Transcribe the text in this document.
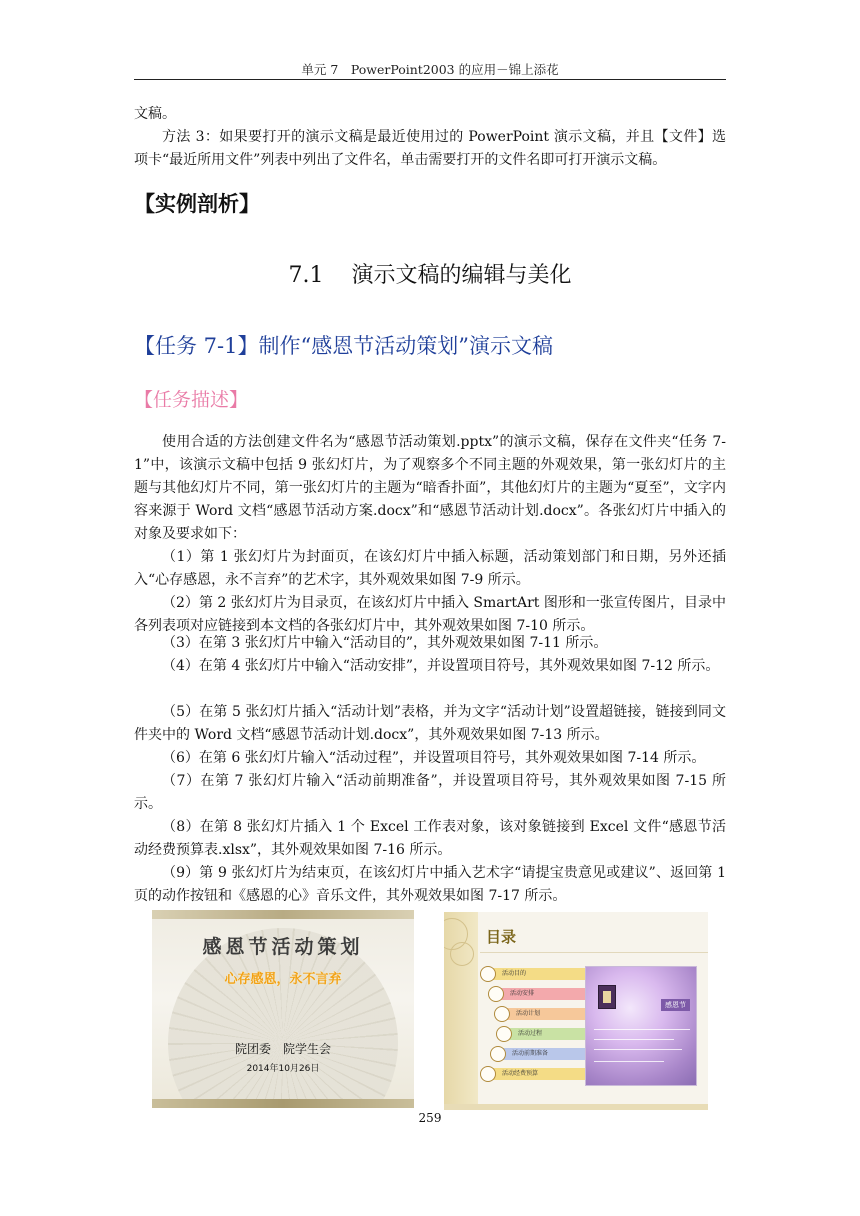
单元 7　PowerPoint2003 的应用－锦上添花

文稿。

方法 3：如果要打开的演示文稿是最近使用过的 PowerPoint 演示文稿，并且【文件】选项卡“最近所用文件”列表中列出了文件名，单击需要打开的文件名即可打开演示文稿。

【实例剖析】
7.1 演示文稿的编辑与美化
【任务 7-1】制作“感恩节活动策划”演示文稿
【任务描述】

使用合适的方法创建文件名为“感恩节活动策划.pptx”的演示文稿，保存在文件夹“任务 7-1”中，该演示文稿中包括 9 张幻灯片，为了观察多个不同主题的外观效果，第一张幻灯片的主题与其他幻灯片不同，第一张幻灯片的主题为“暗香扑面”，其他幻灯片的主题为“夏至”，文字内容来源于 Word 文档“感恩节活动方案.docx”和“感恩节活动计划.docx”。各张幻灯片中插入的对象及要求如下：

（1）第 1 张幻灯片为封面页，在该幻灯片中插入标题，活动策划部门和日期，另外还插入“心存感恩，永不言弃”的艺术字，其外观效果如图 7-9 所示。

（2）第 2 张幻灯片为目录页，在该幻灯片中插入 SmartArt 图形和一张宣传图片，目录中各列表项对应链接到本文档的各张幻灯片中，其外观效果如图 7-10 所示。

（3）在第 3 张幻灯片中输入“活动目的”，其外观效果如图 7-11 所示。

（4）在第 4 张幻灯片中输入“活动安排”，并设置项目符号，其外观效果如图 7-12 所示。

（5）在第 5 张幻灯片插入“活动计划”表格，并为文字“活动计划”设置超链接，链接到同文件夹中的 Word 文档“感恩节活动计划.docx”，其外观效果如图 7-13 所示。

（6）在第 6 张幻灯片输入“活动过程”，并设置项目符号，其外观效果如图 7-14 所示。

（7）在第 7 张幻灯片输入“活动前期准备”，并设置项目符号，其外观效果如图 7-15 所示。

（8）在第 8 张幻灯片插入 1 个 Excel 工作表对象，该对象链接到 Excel 文件“感恩节活动经费预算表.xlsx”，其外观效果如图 7-16 所示。

（9）第 9 张幻灯片为结束页，在该幻灯片中插入艺术字“请提宝贵意见或建议”、返回第 1 页的动作按钮和《感恩的心》音乐文件，其外观效果如图 7-17 所示。

感恩节活动策划
心存感恩，永不言弃
院团委　院学生会
2014年10月26日
目录
活动目的
活动安排
活动计划
活动过程
活动前期准备
活动经费预算
感恩节
259
